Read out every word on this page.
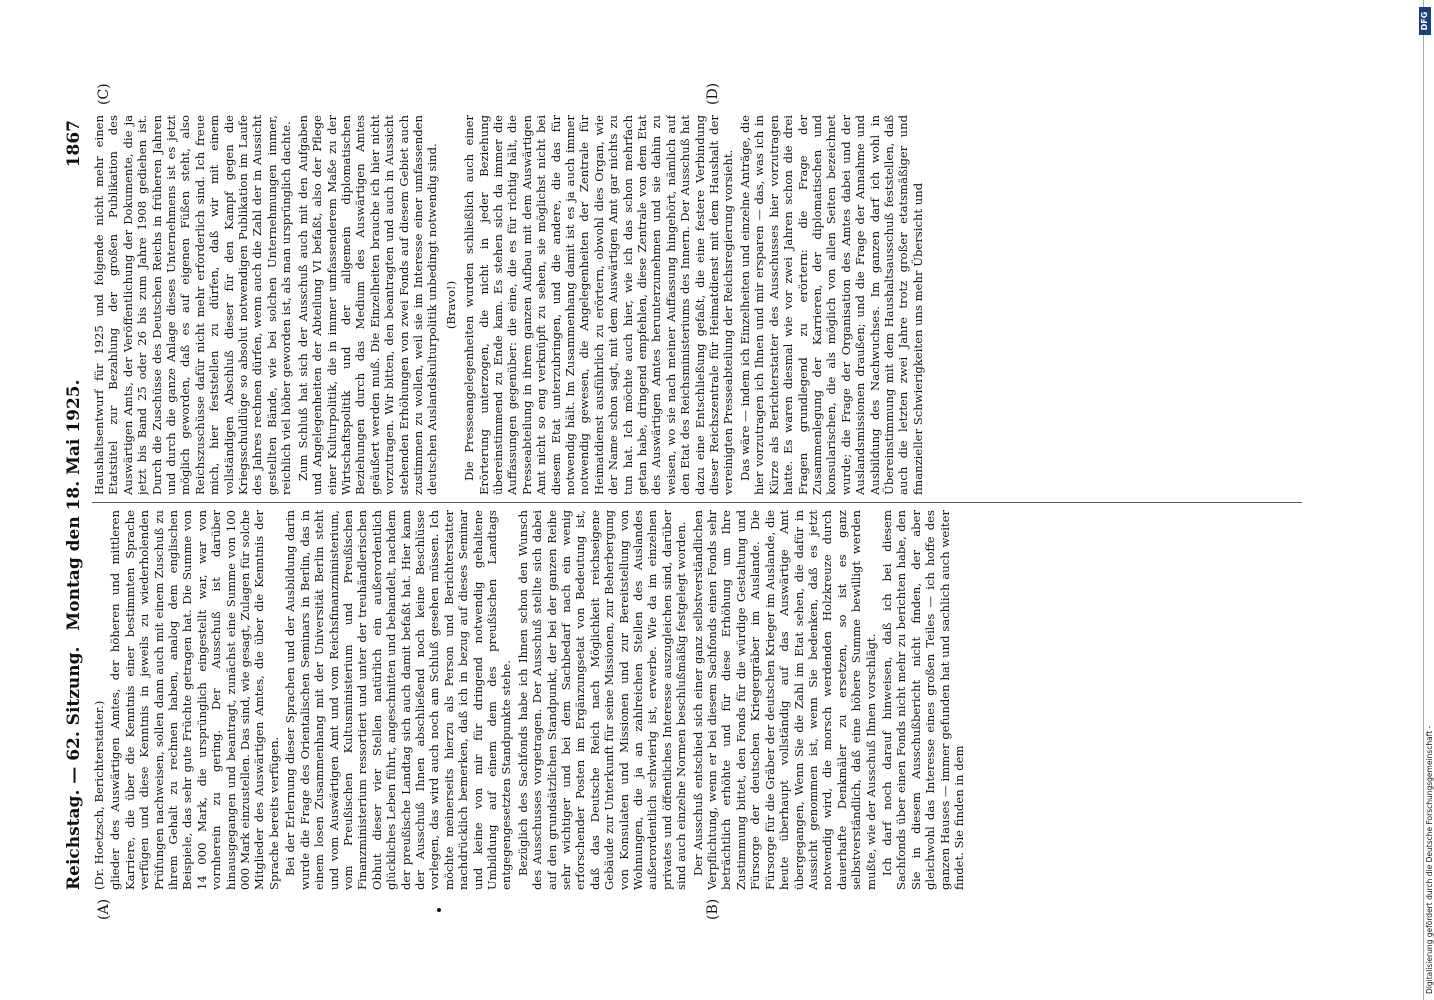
Reichstag. — 62. Sitzung.
Montag den 18. Mai 1925.
1867
(A)	(B)
(C)	(D)

(Dr. Hoetzsch, Berichterstatter.) glieder des Auswärtigen Amtes, der höheren und mittleren Karriere, die über die Kenntnis einer bestimmten Sprache verfügen und diese Kenntnis in jeweils zu wiederholenden Prüfungen nachweisen, sollen dann auch mit einem Zuschuß zu ihrem Gehalt zu rechnen haben, analog dem englischen Beispiele, das sehr gute Früchte getragen hat. Die Summe von 14 000 Mark, die ursprünglich eingestellt war, war von vornherein zu gering. Der Ausschuß ist darüber hinausgegangen und beantragt, zunächst eine Summe von 100 000 Mark einzustellen. Das sind, wie gesagt, Zulagen für solche Mitglieder des Auswärtigen Amtes, die über die Kenntnis der Sprache bereits verfügen. Bei der Erlernung dieser Sprachen und der Ausbildung darin wurde die Frage des Orientalischen Seminars in Berlin, das in einem losen Zusammenhang mit der Universität Berlin steht und vom Auswärtigen Amt und vom Reichsfinanzministerium, vom Preußischen Kultusministerium und Preußischen Finanzministerium ressortiert und unter der treuhändlerischen Obhut dieser vier Stellen natürlich ein außerordentlich glückliches Leben führt, angeschnitten und behandelt, nachdem der preußische Landtag sich auch damit befaßt hat. Hier kann der Ausschuß Ihnen abschließend noch keine Beschlüsse vorlegen, das wird auch noch am Schluß gesehen müssen. Ich möchte meinerseits hierzu als Person und Berichterstatter nachdrücklich bemerken, daß ich in bezug auf dieses Seminar und keine von mir für dringend notwendig gehaltene Umbildung auf einem dem des preußischen Landtags entgegengesetzten Standpunkte stehe. Bezüglich des Sachfonds habe ich Ihnen schon den Wunsch des Ausschusses vorgetragen. Der Ausschuß stellte sich dabei auf den grundsätzlichen Standpunkt, der bei der ganzen Reihe sehr wichtiger und bei dem Sachbedarf nach ein wenig erforschender Posten im Ergänzungsetat von Bedeutung ist, daß das Deutsche Reich nach Möglichkeit reichseigene Gebäude zur Unterkunft für seine Missionen, zur Beherbergung von Konsulaten und Missionen und zur Bereitstellung von Wohnungen, die ja an zahlreichen Stellen des Auslandes außerordentlich schwierig ist, erwerbe. Wie da im einzelnen privates und öffentliches Interesse auszugleichen sind, darüber sind auch einzelne Normen beschlußmäßig festgelegt worden. Der Ausschuß entschied sich einer ganz selbstverständlichen Verpflichtung, wenn er bei diesem Sachfonds einen Fonds sehr beträchtlich erhöhte und für diese Erhöhung um Ihre Zustimmung bittet, den Fonds für die würdige Gestaltung und Fürsorge der deutschen Kriegergräber im Auslande. Die Fürsorge für die Gräber der deutschen Krieger im Auslande, die heute überhaupt vollständig auf das Auswärtige Amt übergegangen, Wenn Sie die Zahl im Etat sehen, die dafür in Aussicht genommen ist, wenn Sie bedenken, daß es jetzt notwendig wird, die morsch werdenden Holzkreuze durch dauerhafte Denkmäler zu ersetzen, so ist es ganz selbstverständlich, daß eine höhere Summe bewilligt werden mußte, wie der Ausschuß Ihnen vorschlägt. Ich darf noch darauf hinweisen, daß ich bei diesem Sachfonds über einen Fonds nicht mehr zu berichten habe, den Sie in diesem Ausschußbericht nicht finden, der aber gleichwohl das Interesse eines großen Teiles — ich hoffe des ganzen Hauses — immer gefunden hat und sachlich auch weiter findet. Sie finden in dem

Haushaltsentwurf für 1925 und folgende nicht mehr einen Etatstitel zur Bezahlung der großen Publikation des Auswärtigen Amts, der Veröffentlichung der Dokumente, die ja jetzt bis Band 25 oder 26 bis zum Jahre 1908 gediehen ist. Durch die Zuschüsse des Deutschen Reichs in früheren Jahren und durch die ganze Anlage dieses Unternehmens ist es jetzt möglich geworden, daß es auf eigenen Füßen steht, also Reichszuschüsse dafür nicht mehr erforderlich sind. Ich freue mich, hier feststellen zu dürfen, daß wir mit einem vollständigen Abschluß dieser für den Kampf gegen die Kriegsschuldlüge so absolut notwendigen Publikation im Laufe des Jahres rechnen dürfen, wenn auch die Zahl der in Aussicht gestellten Bände, wie bei solchen Unternehmungen immer, reichlich viel höher geworden ist, als man ursprünglich dachte. Zum Schluß hat sich der Ausschuß auch mit den Aufgaben und Angelegenheiten der Abteilung VI befaßt, also der Pflege einer Kulturpolitik, die in immer umfassenderem Maße zu der Wirtschaftspolitik und der allgemein diplomatischen Beziehungen durch das Medium des Auswärtigen Amtes geäußert werden muß. Die Einzelheiten brauche ich hier nicht vorzutragen. Wir bitten, den beantragten und auch in Aussicht stehenden Erhöhungen von zwei Fonds auf diesem Gebiet auch zustimmen zu wollen, weil sie im Interesse einer umfassenden deutschen Auslandskulturpolitik unbedingt notwendig sind. (Bravo!) Die Presseangelegenheiten wurden schließlich auch einer Erörterung unterzogen, die nicht in jeder Beziehung übereinstimmend zu Ende kam. Es stehen sich da immer die Auffassungen gegenüber: die eine, die es für richtig hält, die Presseabteilung in ihrem ganzen Aufbau mit dem Auswärtigen Amt nicht so eng verknüpft zu sehen, sie möglichst nicht bei diesem Etat unterzubringen, und die andere, die das für notwendig hält. Im Zusammenhang damit ist es ja auch immer notwendig gewesen, die Angelegenheiten der Zentrale für Heimatdienst ausführlich zu erörtern, obwohl dies Organ, wie der Name schon sagt, mit dem Auswärtigen Amt gar nichts zu tun hat. Ich möchte auch hier, wie ich das schon mehrfach getan habe, dringend empfehlen, diese Zentrale von dem Etat des Auswärtigen Amtes herunterzunehmen und sie dahin zu weisen, wo sie nach meiner Auffassung hingehört, nämlich auf den Etat des Reichsministeriums des Innern. Der Ausschuß hat dazu eine Entschließung gefaßt, die eine festere Verbindung dieser Reichszentrale für Heimatdienst mit dem Haushalt der vereinigten Presseabteilung der Reichsregierung vorsieht. Das wäre — indem ich Einzelheiten und einzelne Anträge, die hier vorzutragen ich Ihnen und mir ersparen — das, was ich in Kürze als Berichterstatter des Ausschusses hier vorzutragen hatte. Es waren diesmal wie vor zwei Jahren schon die drei Fragen grundlegend zu erörtern: die Frage der Zusammenlegung der Karrieren, der diplomatischen und konsularischen, die als möglich von allen Seiten bezeichnet wurde; die Frage der Organisation des Amtes dabei und der Auslandsmissionen draußen; und die Frage der Annahme und Ausbildung des Nachwuchses. Im ganzen darf ich wohl in Übereinstimmung mit dem Haushaltsausschuß feststellen, daß auch die letzten zwei Jahre trotz großer etatsmäßiger und finanzieller Schwierigkeiten uns mehr Übersicht und

Digitalisierung gefördert durch die Deutsche Forschungsgemeinschaft -
DFG
